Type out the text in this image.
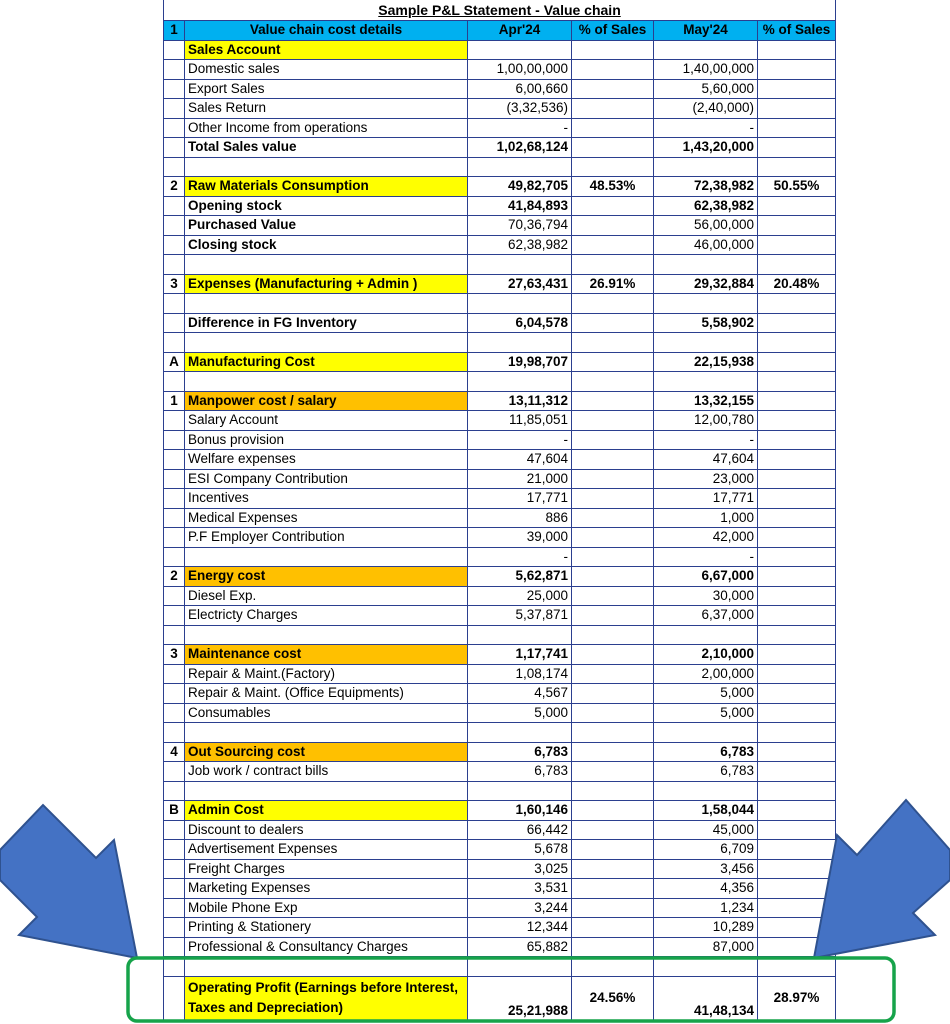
Sample P&L Statement - Value chain					
1	Value chain cost details	Apr'24	% of Sales	May'24	% of Sales
	Sales Account				
	Domestic sales	1,00,00,000		1,40,00,000	
	Export Sales	6,00,660		5,60,000	
	Sales Return	(3,32,536)		(2,40,000)	
	Other Income from operations	-		-	
	Total Sales value	1,02,68,124		1,43,20,000	

2	Raw Materials Consumption	49,82,705	48.53%	72,38,982	50.55%
	Opening stock	41,84,893		62,38,982	
	Purchased Value	70,36,794		56,00,000	
	Closing stock	62,38,982		46,00,000	

3	Expenses (Manufacturing + Admin )	27,63,431	26.91%	29,32,884	20.48%

	Difference in FG Inventory	6,04,578		5,58,902	

A	Manufacturing Cost	19,98,707		22,15,938	

1	Manpower cost / salary	13,11,312		13,32,155	
	Salary Account	11,85,051		12,00,780	
	Bonus provision	-		-	
	Welfare expenses	47,604		47,604	
	ESI Company Contribution	21,000		23,000	
	Incentives	17,771		17,771	
	Medical Expenses	886		1,000	
	P.F Employer Contribution	39,000		42,000	
		-		-	
2	Energy cost	5,62,871		6,67,000	
	Diesel Exp.	25,000		30,000	
	Electricty Charges	5,37,871		6,37,000	

3	Maintenance cost	1,17,741		2,10,000	
	Repair & Maint.(Factory)	1,08,174		2,00,000	
	Repair & Maint. (Office Equipments)	4,567		5,000	
	Consumables	5,000		5,000	

4	Out Sourcing cost	6,783		6,783	
	Job work / contract bills	6,783		6,783	

B	Admin Cost	1,60,146		1,58,044	
	Discount to dealers	66,442		45,000	
	Advertisement Expenses	5,678		6,709	
	Freight Charges	3,025		3,456	
	Marketing Expenses	3,531		4,356	
	Mobile Phone Exp	3,244		1,234	
	Printing & Stationery	12,344		10,289	
	Professional & Consultancy Charges	65,882		87,000	

	Operating Profit (Earnings before Interest, Taxes and Depreciation)	25,21,988	24.56%	41,48,134	28.97%
